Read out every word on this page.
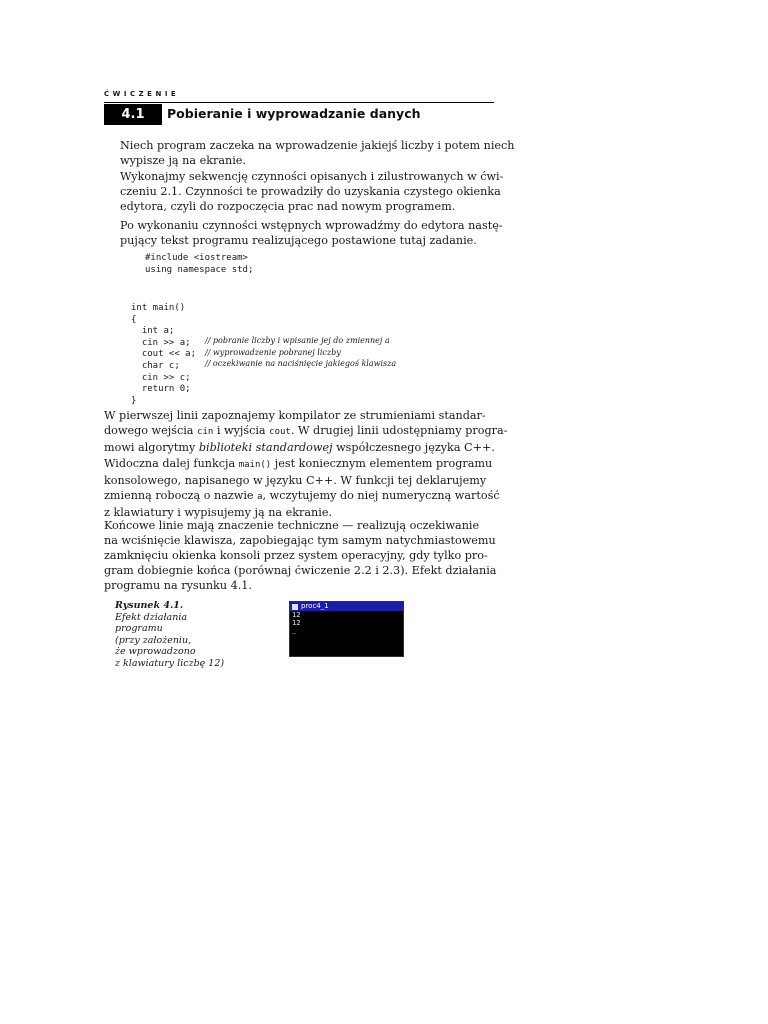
ĆWICZENIE
4.1	Pobieranie i wyprowadzanie danych

Niech program zaczeka na wprowadzenie jakiejś liczby i potem niech
wypisze ją na ekranie.

Wykonajmy sekwencję czynności opisanych i zilustrowanych w ćwi-
czeniu 2.1. Czynności te prowadziły do uzyskania czystego okienka
edytora, czyli do rozpoczęcia prac nad nowym programem.

Po wykonaniu czynności wstępnych wprowadźmy do edytora nastę-
pujący tekst programu realizującego postawione tutaj zadanie.

#include <iostream>
using namespace std;
int main()
{
int a;
cin >> a;
cout << a;
char c;
cin >> c;
return 0;
}
// pobranie liczby i wpisanie jej do zmiennej a
// wyprowadzenie pobranej liczby
// oczekiwanie na naciśnięcie jakiegoś klawisza

W pierwszej linii zapoznajemy kompilator ze strumieniami standar-
dowego wejścia cin i wyjścia cout. W drugiej linii udostępniamy progra-
mowi algorytmy biblioteki standardowej współczesnego języka C++.

Widoczna dalej funkcja main() jest koniecznym elementem programu
konsolowego, napisanego w języku C++. W funkcji tej deklarujemy
zmienną roboczą o nazwie a, wczytujemy do niej numeryczną wartość
z klawiatury i wypisujemy ją na ekranie.

Końcowe linie mają znaczenie techniczne — realizują oczekiwanie
na wciśnięcie klawisza, zapobiegając tym samym natychmiastowemu
zamknięciu okienka konsoli przez system operacyjny, gdy tylko pro-
gram dobiegnie końca (porównaj ćwiczenie 2.2 i 2.3). Efekt działania
programu na rysunku 4.1.

Rysunek 4.1.
Efekt działania
programu
(przy założeniu,
że wprowadzono
z klawiatury liczbę 12)
proc4_1
12
12
_
